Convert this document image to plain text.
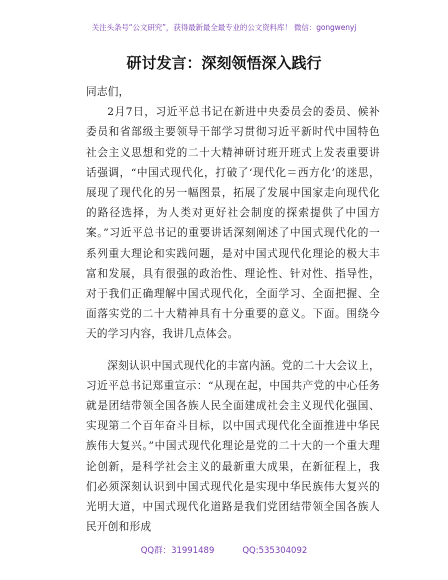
关注头条号“公文研究”，获得最新最全最专业的公文资料库！ 微信：gongwenyj
研讨发言：深刻领悟深入践行

同志们，

2月7日，习近平总书记在新进中央委员会的委员、候补委员和省部级主要领导干部学习贯彻习近平新时代中国特色社会主义思想和党的二十大精神研讨班开班式上发表重要讲话强调，“中国式现代化，打破了‘现代化＝西方化’的迷思，展现了现代化的另一幅图景，拓展了发展中国家走向现代化的路径选择，为人类对更好社会制度的探索提供了中国方案。”习近平总书记的重要讲话深刻阐述了中国式现代化的一系列重大理论和实践问题，是对中国式现代化理论的极大丰富和发展，具有很强的政治性、理论性、针对性、指导性，对于我们正确理解中国式现代化，全面学习、全面把握、全面落实党的二十大精神具有十分重要的意义。下面。围绕今天的学习内容，我讲几点体会。

深刻认识中国式现代化的丰富内涵。党的二十大会议上，习近平总书记郑重宣示：“从现在起，中国共产党的中心任务就是团结带领全国各族人民全面建成社会主义现代化强国、实现第二个百年奋斗目标，以中国式现代化全面推进中华民族伟大复兴。”中国式现代化理论是党的二十大的一个重大理论创新，是科学社会主义的最新重大成果，在新征程上，我们必须深刻认识到中国式现代化是实现中华民族伟大复兴的光明大道，中国式现代化道路是我们党团结带领全国各族人民开创和形成

QQ群：31991489	QQ:535304092
